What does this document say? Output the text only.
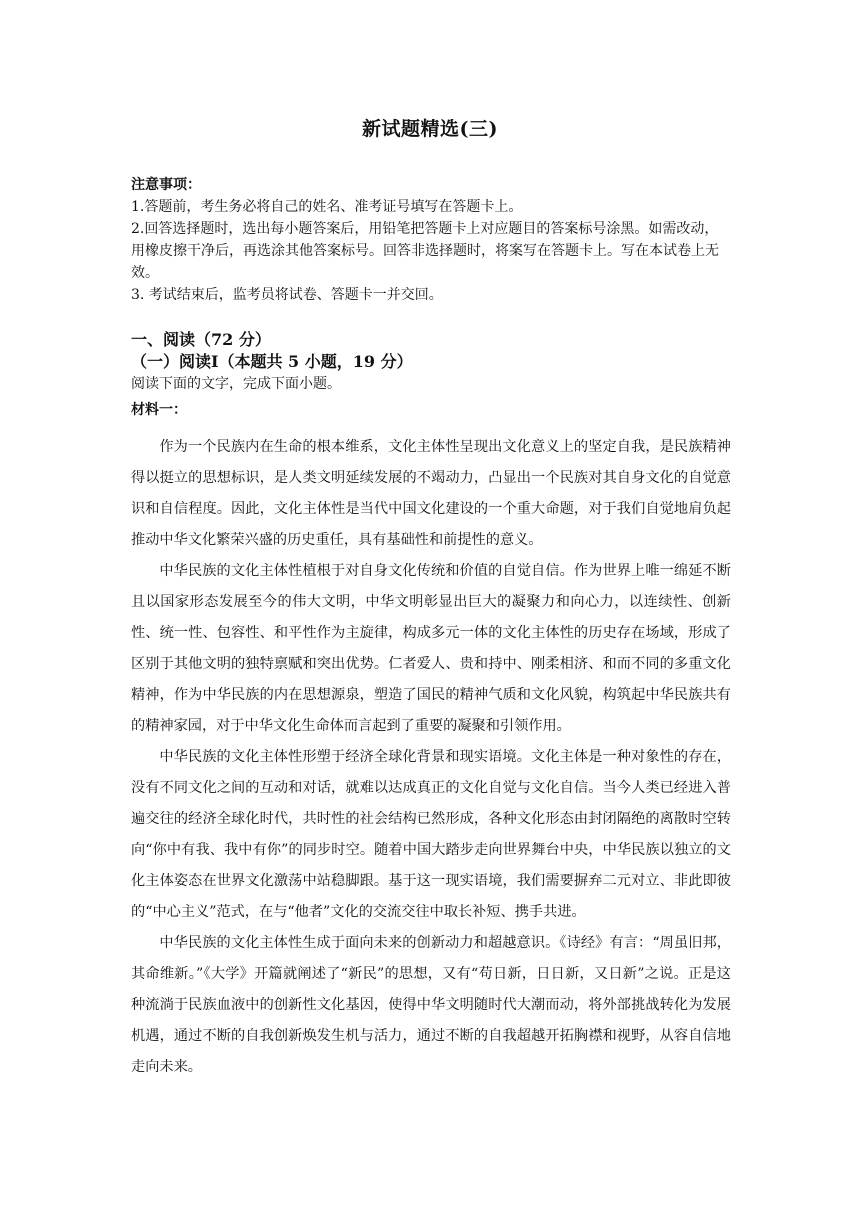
新试题精选(三)

注意事项：

1.答题前，考生务必将自己的姓名、准考证号填写在答题卡上。

2.回答选择题时，选出每小题答案后，用铅笔把答题卡上对应题目的答案标号涂黑。如需改动，用橡皮擦干净后，再选涂其他答案标号。回答非选择题时，将案写在答题卡上。写在本试卷上无效。

3. 考试结束后，监考员将试卷、答题卡一并交回。

一、阅读（72 分）

（一）阅读Ⅰ（本题共 5 小题，19 分）

阅读下面的文字，完成下面小题。

材料一：

作为一个民族内在生命的根本维系，文化主体性呈现出文化意义上的坚定自我，是民族精神得以挺立的思想标识，是人类文明延续发展的不竭动力，凸显出一个民族对其自身文化的自觉意识和自信程度。因此，文化主体性是当代中国文化建设的一个重大命题，对于我们自觉地肩负起推动中华文化繁荣兴盛的历史重任，具有基础性和前提性的意义。

中华民族的文化主体性植根于对自身文化传统和价值的自觉自信。作为世界上唯一绵延不断且以国家形态发展至今的伟大文明，中华文明彰显出巨大的凝聚力和向心力，以连续性、创新性、统一性、包容性、和平性作为主旋律，构成多元一体的文化主体性的历史存在场域，形成了区别于其他文明的独特禀赋和突出优势。仁者爱人、贵和持中、刚柔相济、和而不同的多重文化精神，作为中华民族的内在思想源泉，塑造了国民的精神气质和文化风貌，构筑起中华民族共有的精神家园，对于中华文化生命体而言起到了重要的凝聚和引领作用。

中华民族的文化主体性形塑于经济全球化背景和现实语境。文化主体是一种对象性的存在，没有不同文化之间的互动和对话，就难以达成真正的文化自觉与文化自信。当今人类已经进入普遍交往的经济全球化时代，共时性的社会结构已然形成，各种文化形态由封闭隔绝的离散时空转向“你中有我、我中有你”的同步时空。随着中国大踏步走向世界舞台中央，中华民族以独立的文化主体姿态在世界文化激荡中站稳脚跟。基于这一现实语境，我们需要摒弃二元对立、非此即彼的“中心主义”范式，在与“他者”文化的交流交往中取长补短、携手共进。

中华民族的文化主体性生成于面向未来的创新动力和超越意识。《诗经》有言：“周虽旧邦，其命维新。”《大学》开篇就阐述了“新民”的思想，又有“苟日新，日日新，又日新”之说。正是这种流淌于民族血液中的创新性文化基因，使得中华文明随时代大潮而动，将外部挑战转化为发展机遇，通过不断的自我创新焕发生机与活力，通过不断的自我超越开拓胸襟和视野，从容自信地走向未来。
